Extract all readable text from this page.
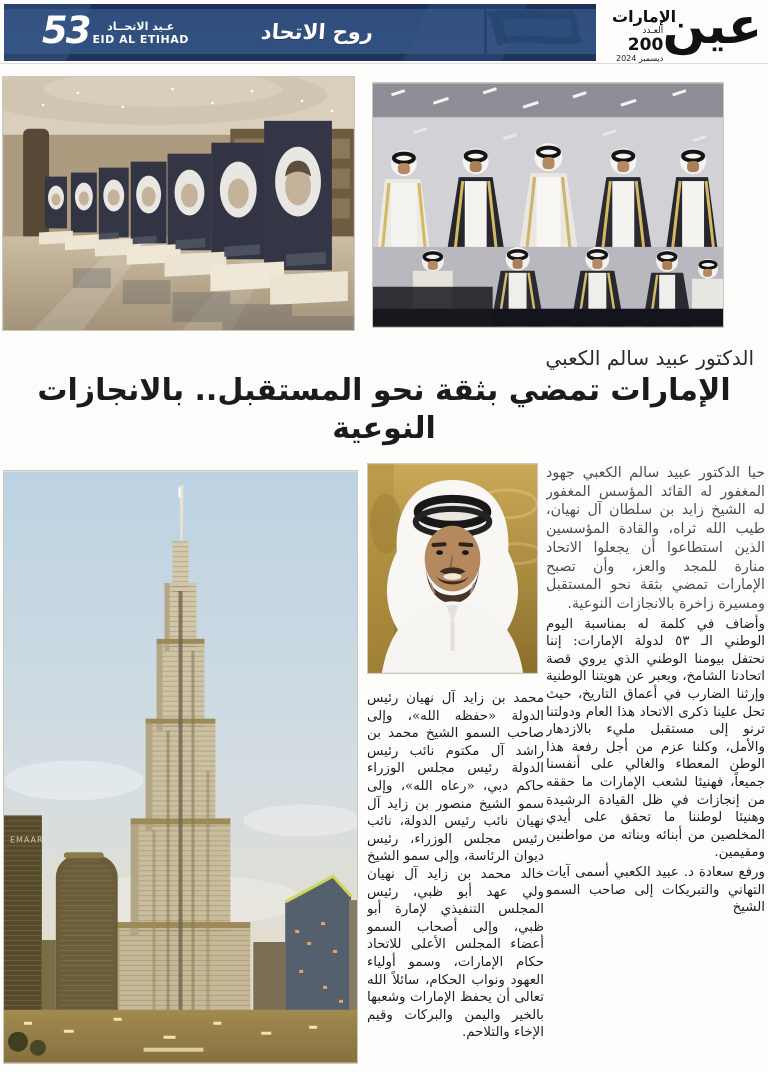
53	عـيد الاتحــاد
EID AL ETIHAD	روح الاتحاد	عين
الإمارات
العـدد
200
ديسمبر 2024
الدكتور عبيد سالم الكعبي
الإمارات تمضي بثقة نحو المستقبل.. بالانجازات النوعية
EMAAR

حيا الدكتور عبيد سالم الكعبي جهود المغفور له القائد المؤسس المغفور له الشيخ زايد بن سلطان آل نهيان، طيب الله ثراه، والقادة المؤسسين الذين استطاعوا أن يجعلوا الاتحاد منارة للمجد والعز، وأن تصبح الإمارات تمضي بثقة نحو المستقبل ومسيرة زاخرة بالانجازات النوعية.

وأضاف في كلمة له بمناسبة اليوم الوطني الـ ٥٣ لدولة الإمارات: إننا نحتفل بيومنا الوطني الذي يروي قصة اتحادنا الشامخ، ويعبر عن هويتنا الوطنية وإرثنا الضارب في أعماق التاريخ، حيث تحل علينا ذكرى الاتحاد هذا العام ودولتنا ترنو إلى مستقبل مليء بالازدهار والأمل، وكلنا عزم من أجل رفعة هذا الوطن المعطاء والغالي على أنفسنا جميعاً، فهنيئا لشعب الإمارات ما حققه من إنجازات في ظل القيادة الرشيدة وهنيئا لوطننا ما تحقق على أيدي المخلصين من أبنائه وبناته من مواطنين ومقيمين.

ورفع سعادة د. عبيد الكعبي أسمى آيات التهاني والتبريكات إلى صاحب السمو الشيخ

محمد بن زايد آل نهيان رئيس الدولة «حفظه الله»، وإلى صاحب السمو الشيخ محمد بن راشد آل مكتوم نائب رئيس الدولة رئيس مجلس الوزراء حاكم دبي، «رعاه الله»، وإلى سمو الشيخ منصور بن زايد آل نهيان نائب رئيس الدولة، نائب رئيس مجلس الوزراء، رئيس ديوان الرئاسة، وإلى سمو الشيخ خالد محمد بن زايد آل نهيان ولي عهد أبو ظبي، رئيس المجلس التنفيذي لإمارة أبو ظبي، وإلى أصحاب السمو أعضاء المجلس الأعلى للاتحاد حكام الإمارات، وسمو أولياء العهود ونواب الحكام، سائلاً الله تعالى أن يحفظ الإمارات وشعبها بالخير واليمن والبركات وقيم الإخاء والتلاحم.
